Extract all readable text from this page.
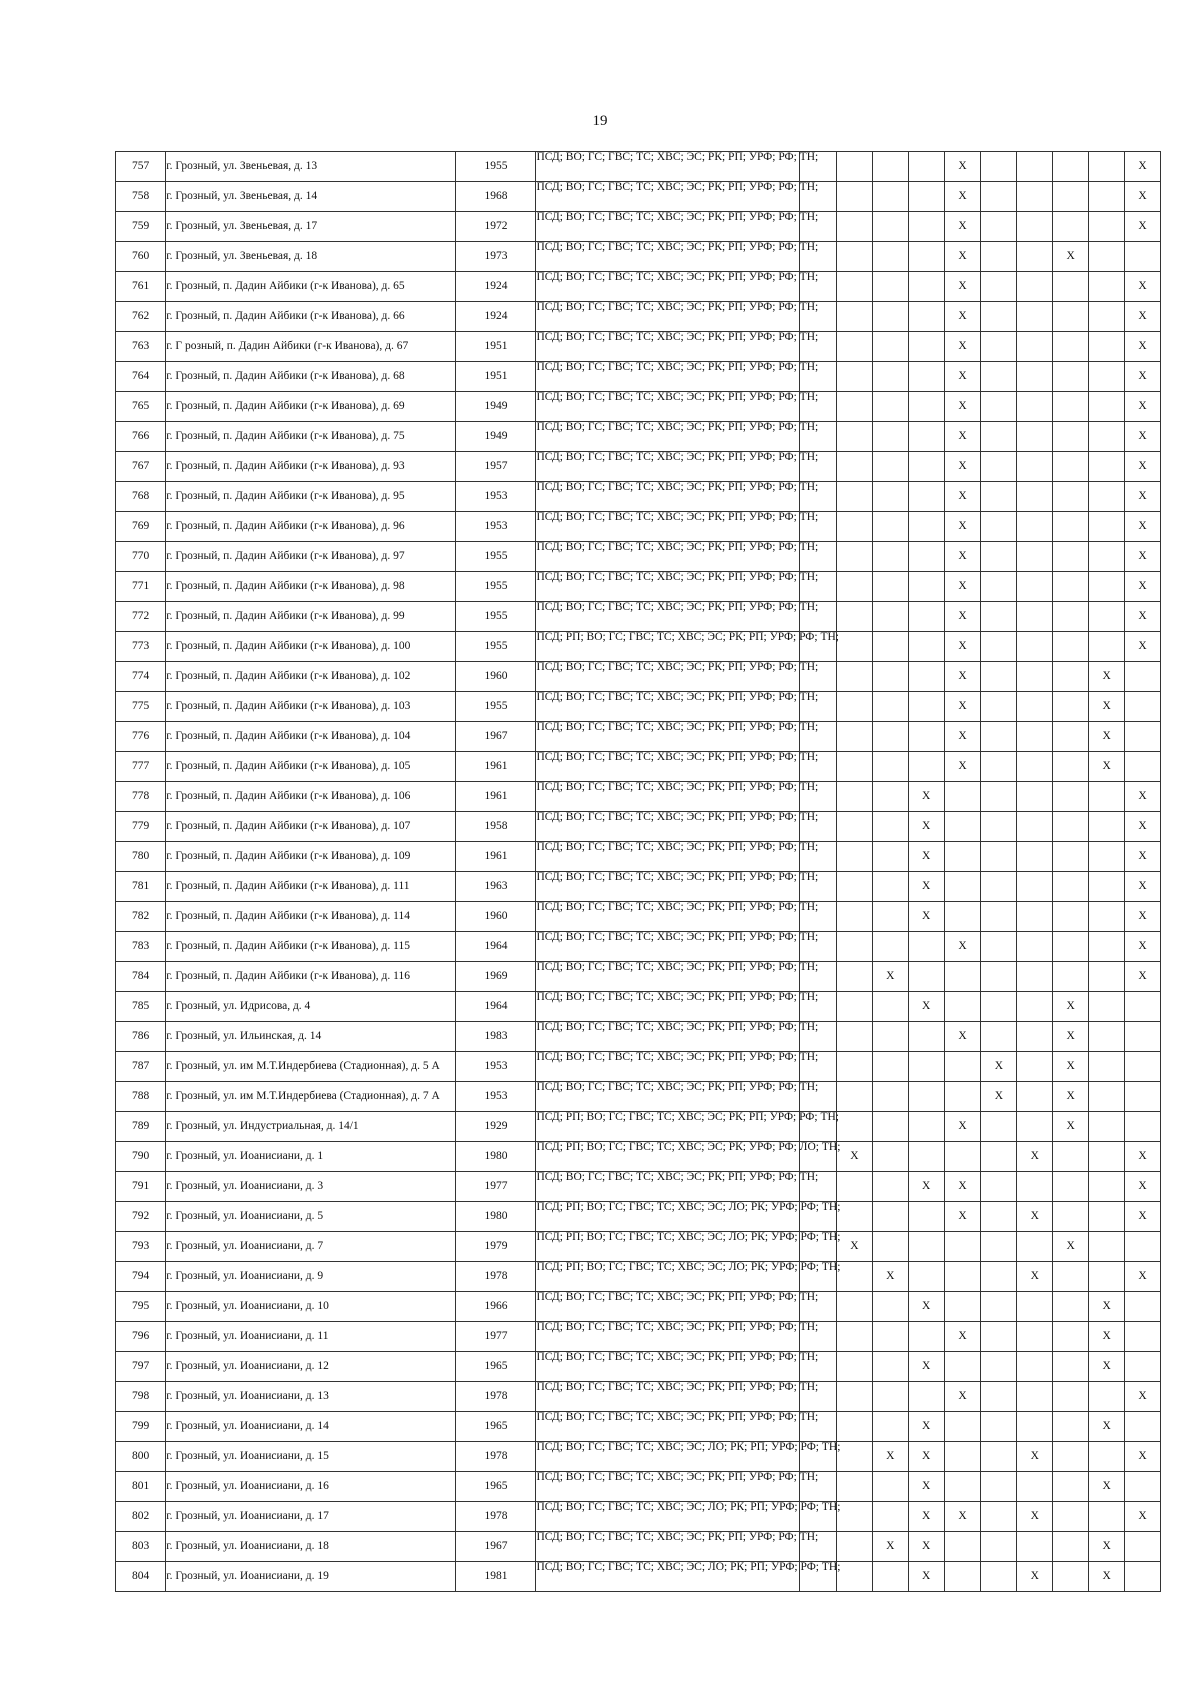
19
757	г. Грозный, ул. Звеньевая, д. 13	1955	ПСД; ВО; ГС; ГВС; ТС; ХВС; ЭС; РК; РП; УРФ; РФ; ТН;					X					X
758	г. Грозный, ул. Звеньевая, д. 14	1968	ПСД; ВО; ГС; ГВС; ТС; ХВС; ЭС; РК; РП; УРФ; РФ; ТН;					X					X
759	г. Грозный, ул. Звеньевая, д. 17	1972	ПСД; ВО; ГС; ГВС; ТС; ХВС; ЭС; РК; РП; УРФ; РФ; ТН;					X					X
760	г. Грозный, ул. Звеньевая, д. 18	1973	ПСД; ВО; ГС; ГВС; ТС; ХВС; ЭС; РК; РП; УРФ; РФ; ТН;					X			X		
761	г. Грозный, п. Дадин Айбики (г-к Иванова), д. 65	1924	ПСД; ВО; ГС; ГВС; ТС; ХВС; ЭС; РК; РП; УРФ; РФ; ТН;					X					X
762	г. Грозный, п. Дадин Айбики (г-к Иванова), д. 66	1924	ПСД; ВО; ГС; ГВС; ТС; ХВС; ЭС; РК; РП; УРФ; РФ; ТН;					X					X
763	г. Г розный, п. Дадин Айбики (г-к Иванова), д. 67	1951	ПСД; ВО; ГС; ГВС; ТС; ХВС; ЭС; РК; РП; УРФ; РФ; ТН;					X					X
764	г. Грозный, п. Дадин Айбики (г-к Иванова), д. 68	1951	ПСД; ВО; ГС; ГВС; ТС; ХВС; ЭС; РК; РП; УРФ; РФ; ТН;					X					X
765	г. Грозный, п. Дадин Айбики (г-к Иванова), д. 69	1949	ПСД; ВО; ГС; ГВС; ТС; ХВС; ЭС; РК; РП; УРФ; РФ; ТН;					X					X
766	г. Грозный, п. Дадин Айбики (г-к Иванова), д. 75	1949	ПСД; ВО; ГС; ГВС; ТС; ХВС; ЭС; РК; РП; УРФ; РФ; ТН;					X					X
767	г. Грозный, п. Дадин Айбики (г-к Иванова), д. 93	1957	ПСД; ВО; ГС; ГВС; ТС; ХВС; ЭС; РК; РП; УРФ; РФ; ТН;					X					X
768	г. Грозный, п. Дадин Айбики (г-к Иванова), д. 95	1953	ПСД; ВО; ГС; ГВС; ТС; ХВС; ЭС; РК; РП; УРФ; РФ; ТН;					X					X
769	г. Грозный, п. Дадин Айбики (г-к Иванова), д. 96	1953	ПСД; ВО; ГС; ГВС; ТС; ХВС; ЭС; РК; РП; УРФ; РФ; ТН;					X					X
770	г. Грозный, п. Дадин Айбики (г-к Иванова), д. 97	1955	ПСД; ВО; ГС; ГВС; ТС; ХВС; ЭС; РК; РП; УРФ; РФ; ТН;					X					X
771	г. Грозный, п. Дадин Айбики (г-к Иванова), д. 98	1955	ПСД; ВО; ГС; ГВС; ТС; ХВС; ЭС; РК; РП; УРФ; РФ; ТН;					X					X
772	г. Грозный, п. Дадин Айбики (г-к Иванова), д. 99	1955	ПСД; ВО; ГС; ГВС; ТС; ХВС; ЭС; РК; РП; УРФ; РФ; ТН;					X					X
773	г. Грозный, п. Дадин Айбики (г-к Иванова), д. 100	1955	ПСД; РП; ВО; ГС; ГВС; ТС; ХВС; ЭС; РК; РП; УРФ; РФ; ТН;					X					X
774	г. Грозный, п. Дадин Айбики (г-к Иванова), д. 102	1960	ПСД; ВО; ГС; ГВС; ТС; ХВС; ЭС; РК; РП; УРФ; РФ; ТН;					X				X	
775	г. Грозный, п. Дадин Айбики (г-к Иванова), д. 103	1955	ПСД; ВО; ГС; ГВС; ТС; ХВС; ЭС; РК; РП; УРФ; РФ; ТН;					X				X	
776	г. Грозный, п. Дадин Айбики (г-к Иванова), д. 104	1967	ПСД; ВО; ГС; ГВС; ТС; ХВС; ЭС; РК; РП; УРФ; РФ; ТН;					X				X	
777	г. Грозный, п. Дадин Айбики (г-к Иванова), д. 105	1961	ПСД; ВО; ГС; ГВС; ТС; ХВС; ЭС; РК; РП; УРФ; РФ; ТН;					X				X	
778	г. Грозный, п. Дадин Айбики (г-к Иванова), д. 106	1961	ПСД; ВО; ГС; ГВС; ТС; ХВС; ЭС; РК; РП; УРФ; РФ; ТН;				X						X
779	г. Грозный, п. Дадин Айбики (г-к Иванова), д. 107	1958	ПСД; ВО; ГС; ГВС; ТС; ХВС; ЭС; РК; РП; УРФ; РФ; ТН;				X						X
780	г. Грозный, п. Дадин Айбики (г-к Иванова), д. 109	1961	ПСД; ВО; ГС; ГВС; ТС; ХВС; ЭС; РК; РП; УРФ; РФ; ТН;				X						X
781	г. Грозный, п. Дадин Айбики (г-к Иванова), д. 111	1963	ПСД; ВО; ГС; ГВС; ТС; ХВС; ЭС; РК; РП; УРФ; РФ; ТН;				X						X
782	г. Грозный, п. Дадин Айбики (г-к Иванова), д. 114	1960	ПСД; ВО; ГС; ГВС; ТС; ХВС; ЭС; РК; РП; УРФ; РФ; ТН;				X						X
783	г. Грозный, п. Дадин Айбики (г-к Иванова), д. 115	1964	ПСД; ВО; ГС; ГВС; ТС; ХВС; ЭС; РК; РП; УРФ; РФ; ТН;					X					X
784	г. Грозный, п. Дадин Айбики (г-к Иванова), д. 116	1969	ПСД; ВО; ГС; ГВС; ТС; ХВС; ЭС; РК; РП; УРФ; РФ; ТН;			X							X
785	г. Грозный, ул. Идрисова, д. 4	1964	ПСД; ВО; ГС; ГВС; ТС; ХВС; ЭС; РК; РП; УРФ; РФ; ТН;				X				X		
786	г. Грозный, ул. Ильинская, д. 14	1983	ПСД; ВО; ГС; ГВС; ТС; ХВС; ЭС; РК; РП; УРФ; РФ; ТН;					X			X		
787	г. Грозный, ул. им М.Т.Индербиева (Стадионная), д. 5 А	1953	ПСД; ВО; ГС; ГВС; ТС; ХВС; ЭС; РК; РП; УРФ; РФ; ТН;						X		X		
788	г. Грозный, ул. им М.Т.Индербиева (Стадионная), д. 7 А	1953	ПСД; ВО; ГС; ГВС; ТС; ХВС; ЭС; РК; РП; УРФ; РФ; ТН;						X		X		
789	г. Грозный, ул. Индустриальная, д. 14/1	1929	ПСД; РП; ВО; ГС; ГВС; ТС; ХВС; ЭС; РК; РП; УРФ; РФ; ТН;					X			X		
790	г. Грозный, ул. Иоанисиани, д. 1	1980	ПСД; РП; ВО; ГС; ГВС; ТС; ХВС; ЭС; РК; УРФ; РФ; ЛО; ТН;		X					X			X
791	г. Грозный, ул. Иоанисиани, д. 3	1977	ПСД; ВО; ГС; ГВС; ТС; ХВС; ЭС; РК; РП; УРФ; РФ; ТН;				X	X					X
792	г. Грозный, ул. Иоанисиани, д. 5	1980	ПСД; РП; ВО; ГС; ГВС; ТС; ХВС; ЭС; ЛО; РК; УРФ; РФ; ТН;					X		X			X
793	г. Грозный, ул. Иоанисиани, д. 7	1979	ПСД; РП; ВО; ГС; ГВС; ТС; ХВС; ЭС; ЛО; РК; УРФ; РФ; ТН;		X						X		
794	г. Грозный, ул. Иоанисиани, д. 9	1978	ПСД; РП; ВО; ГС; ГВС; ТС; ХВС; ЭС; ЛО; РК; УРФ; РФ; ТН;			X				X			X
795	г. Грозный, ул. Иоанисиани, д. 10	1966	ПСД; ВО; ГС; ГВС; ТС; ХВС; ЭС; РК; РП; УРФ; РФ; ТН;				X					X	
796	г. Грозный, ул. Иоанисиани, д. 11	1977	ПСД; ВО; ГС; ГВС; ТС; ХВС; ЭС; РК; РП; УРФ; РФ; ТН;					X				X	
797	г. Грозный, ул. Иоанисиани, д. 12	1965	ПСД; ВО; ГС; ГВС; ТС; ХВС; ЭС; РК; РП; УРФ; РФ; ТН;				X					X	
798	г. Грозный, ул. Иоанисиани, д. 13	1978	ПСД; ВО; ГС; ГВС; ТС; ХВС; ЭС; РК; РП; УРФ; РФ; ТН;					X					X
799	г. Грозный, ул. Иоанисиани, д. 14	1965	ПСД; ВО; ГС; ГВС; ТС; ХВС; ЭС; РК; РП; УРФ; РФ; ТН;				X					X	
800	г. Грозный, ул. Иоанисиани, д. 15	1978	ПСД; ВО; ГС; ГВС; ТС; ХВС; ЭС; ЛО; РК; РП; УРФ; РФ; ТН;			X	X			X			X
801	г. Грозный, ул. Иоанисиани, д. 16	1965	ПСД; ВО; ГС; ГВС; ТС; ХВС; ЭС; РК; РП; УРФ; РФ; ТН;				X					X	
802	г. Грозный, ул. Иоанисиани, д. 17	1978	ПСД; ВО; ГС; ГВС; ТС; ХВС; ЭС; ЛО; РК; РП; УРФ; РФ; ТН;				X	X		X			X
803	г. Грозный, ул. Иоанисиани, д. 18	1967	ПСД; ВО; ГС; ГВС; ТС; ХВС; ЭС; РК; РП; УРФ; РФ; ТН;			X	X					X	
804	г. Грозный, ул. Иоанисиани, д. 19	1981	ПСД; ВО; ГС; ГВС; ТС; ХВС; ЭС; ЛО; РК; РП; УРФ; РФ; ТН;				X			X		X	
